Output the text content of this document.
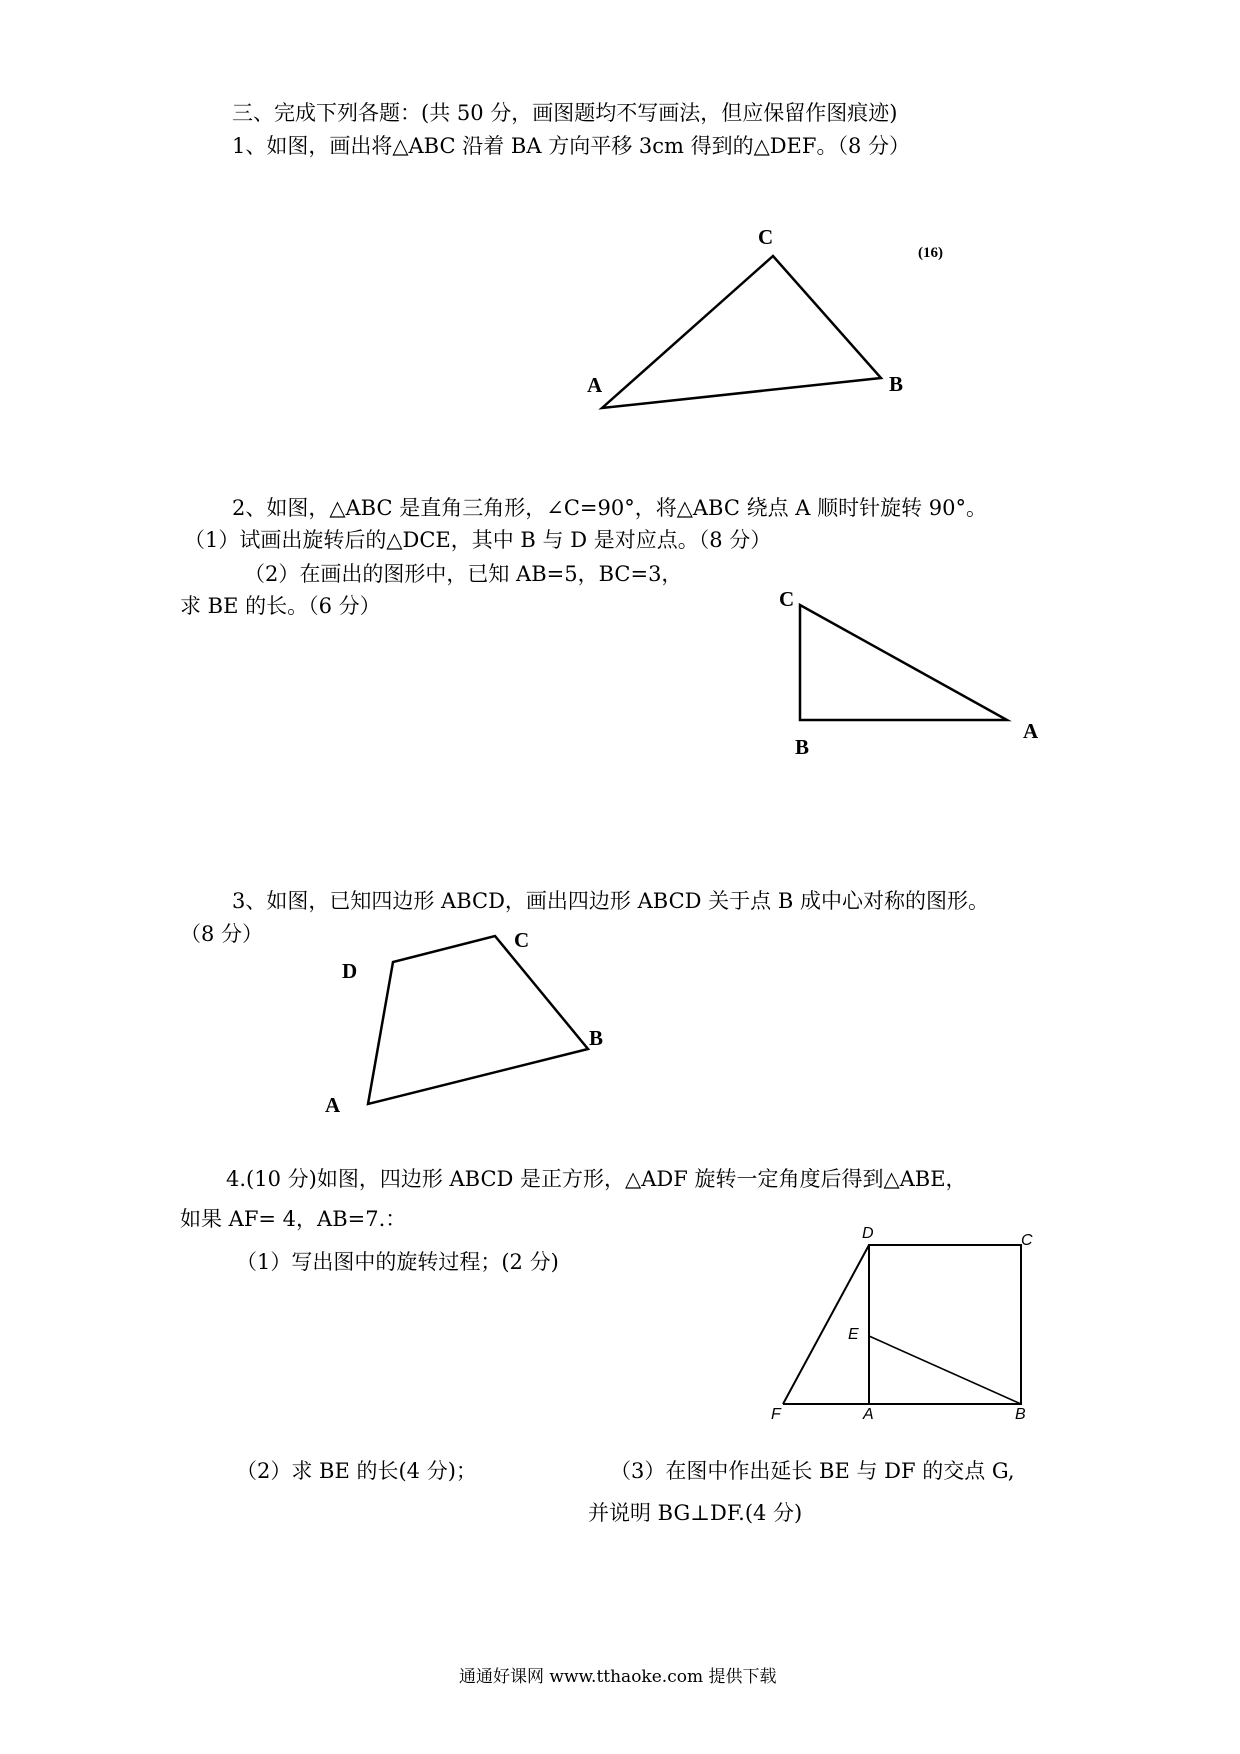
三、完成下列各题：(共 50 分，画图题均不写画法，但应保留作图痕迹)
1、如图，画出将△ABC 沿着 BA 方向平移 3cm 得到的△DEF。（8 分）
C
A	B
(16)
2、如图，△ABC 是直角三角形，∠C=90°，将△ABC 绕点 A 顺时针旋转 90°。
（1）试画出旋转后的△DCE，其中 B 与 D 是对应点。（8 分）
（2）在画出的图形中，已知 AB=5，BC=3，
求 BE 的长。（6 分）	C
B
A
3、如图，已知四边形 ABCD，画出四边形 ABCD 关于点 B 成中心对称的图形。
（8 分）
D
C
B
A
4.(10 分)如图，四边形 ABCD 是正方形，△ADF 旋转一定角度后得到△ABE，
如果 AF= 4，AB=7.：
（1）写出图中的旋转过程；(2 分)
D	C
E
F	A	B
（2）求 BE 的长(4 分)；	（3）在图中作出延长 BE 与 DF 的交点 G,
并说明 BG⊥DF.(4 分)
通通好课网 www.tthaoke.com 提供下载
